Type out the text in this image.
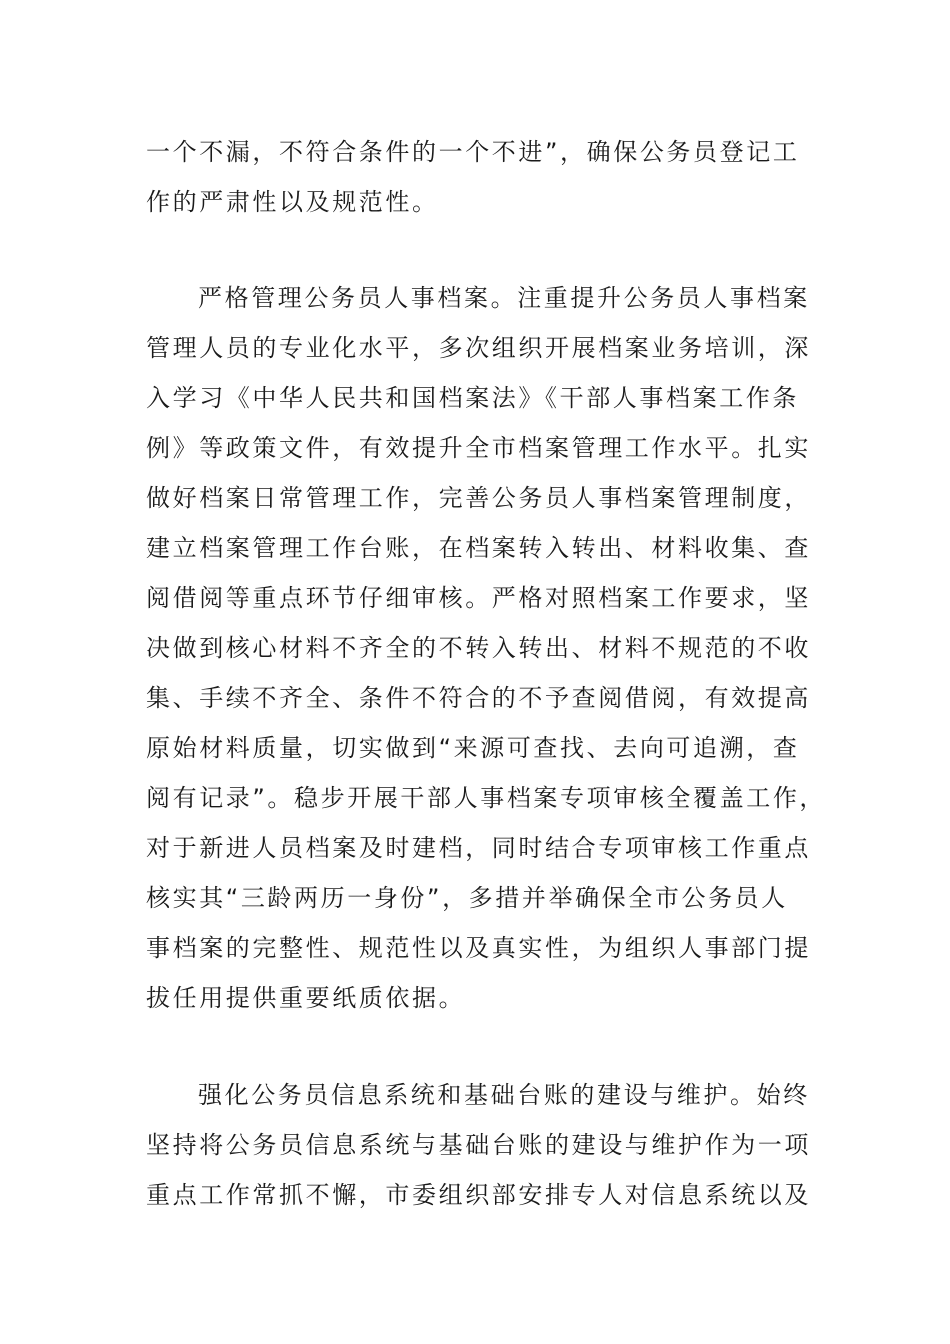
一个不漏，不符合条件的一个不进”，确保公务员登记工
作的严肃性以及规范性。
严格管理公务员人事档案。注重提升公务员人事档案
管理人员的专业化水平，多次组织开展档案业务培训，深
入学习《中华人民共和国档案法》《干部人事档案工作条
例》等政策文件，有效提升全市档案管理工作水平。扎实
做好档案日常管理工作，完善公务员人事档案管理制度，
建立档案管理工作台账，在档案转入转出、材料收集、查
阅借阅等重点环节仔细审核。严格对照档案工作要求，坚
决做到核心材料不齐全的不转入转出、材料不规范的不收
集、手续不齐全、条件不符合的不予查阅借阅，有效提高
原始材料质量，切实做到“来源可查找、去向可追溯，查
阅有记录”。稳步开展干部人事档案专项审核全覆盖工作，
对于新进人员档案及时建档，同时结合专项审核工作重点
核实其“三龄两历一身份”，多措并举确保全市公务员人
事档案的完整性、规范性以及真实性，为组织人事部门提
拔任用提供重要纸质依据。
强化公务员信息系统和基础台账的建设与维护。始终
坚持将公务员信息系统与基础台账的建设与维护作为一项
重点工作常抓不懈，市委组织部安排专人对信息系统以及
